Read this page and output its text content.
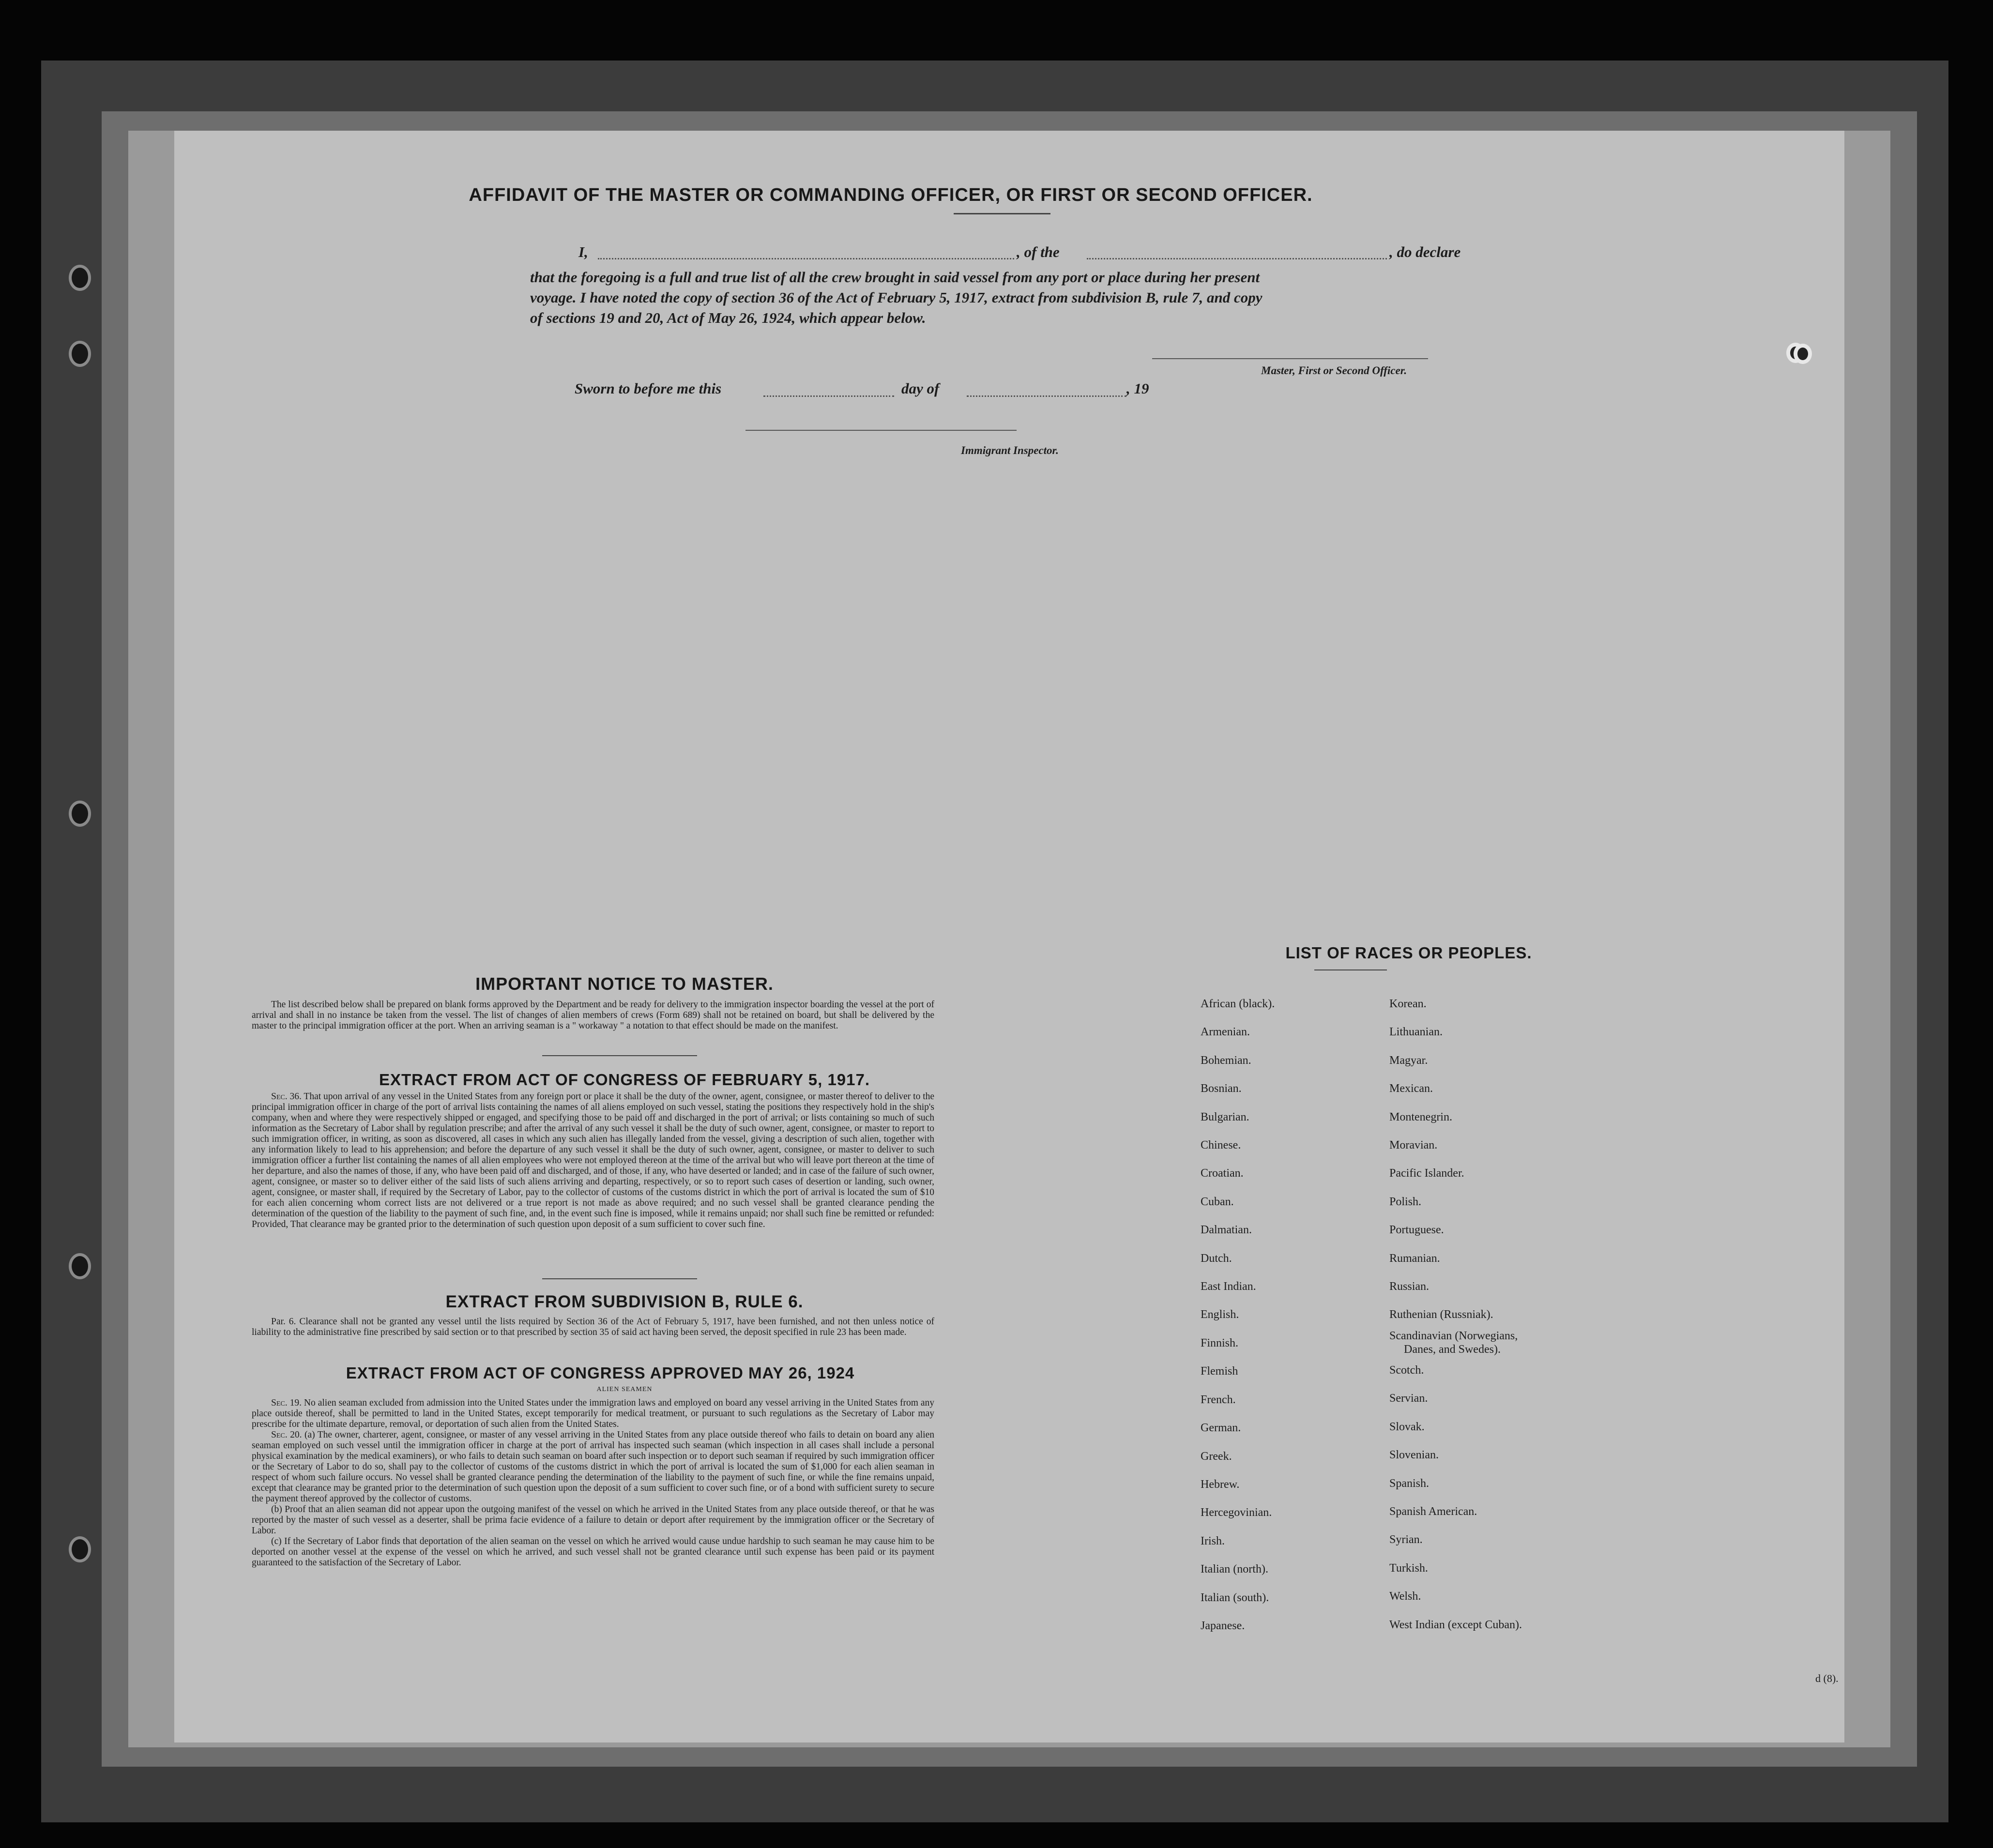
AFFIDAVIT OF THE MASTER OR COMMANDING OFFICER, OR FIRST OR SECOND OFFICER.
I,	, of the	, do declare
that the foregoing is a full and true list of all the crew brought in said vessel from any port or place during her present
voyage. I have noted the copy of section 36 of the Act of February 5, 1917, extract from subdivision B, rule 7, and copy
of sections 19 and 20, Act of May 26, 1924, which appear below.
Master, First or Second Officer.
Sworn to before me this	day of	, 19
Immigrant Inspector.
IMPORTANT NOTICE TO MASTER.

The list described below shall be prepared on blank forms approved by the Department and be ready for delivery to the immigration inspector boarding the vessel at the port of arrival and shall in no instance be taken from the vessel. The list of changes of alien members of crews (Form 689) shall not be retained on board, but shall be delivered by the master to the principal immigration officer at the port. When an arriving seaman is a " workaway " a notation to that effect should be made on the manifest.

EXTRACT FROM ACT OF CONGRESS OF FEBRUARY 5, 1917.

Sec. 36. That upon arrival of any vessel in the United States from any foreign port or place it shall be the duty of the owner, agent, consignee, or master thereof to deliver to the principal immigration officer in charge of the port of arrival lists containing the names of all aliens employed on such vessel, stating the positions they respectively hold in the ship's company, when and where they were respectively shipped or engaged, and specifying those to be paid off and discharged in the port of arrival; or lists containing so much of such information as the Secretary of Labor shall by regulation prescribe; and after the arrival of any such vessel it shall be the duty of such owner, agent, consignee, or master to report to such immigration officer, in writing, as soon as discovered, all cases in which any such alien has illegally landed from the vessel, giving a description of such alien, together with any information likely to lead to his apprehension; and before the departure of any such vessel it shall be the duty of such owner, agent, consignee, or master to deliver to such immigration officer a further list containing the names of all alien employees who were not employed thereon at the time of the arrival but who will leave port thereon at the time of her departure, and also the names of those, if any, who have been paid off and discharged, and of those, if any, who have deserted or landed; and in case of the failure of such owner, agent, consignee, or master so to deliver either of the said lists of such aliens arriving and departing, respectively, or so to report such cases of desertion or landing, such owner, agent, consignee, or master shall, if required by the Secretary of Labor, pay to the collector of customs of the customs district in which the port of arrival is located the sum of $10 for each alien concerning whom correct lists are not delivered or a true report is not made as above required; and no such vessel shall be granted clearance pending the determination of the question of the liability to the payment of such fine, and, in the event such fine is imposed, while it remains unpaid; nor shall such fine be remitted or refunded: Provided, That clearance may be granted prior to the determination of such question upon deposit of a sum sufficient to cover such fine.

EXTRACT FROM SUBDIVISION B, RULE 6.

Par. 6. Clearance shall not be granted any vessel until the lists required by Section 36 of the Act of February 5, 1917, have been furnished, and not then unless notice of liability to the administrative fine prescribed by said section or to that prescribed by section 35 of said act having been served, the deposit specified in rule 23 has been made.

EXTRACT FROM ACT OF CONGRESS APPROVED MAY 26, 1924
ALIEN SEAMEN

Sec. 19. No alien seaman excluded from admission into the United States under the immigration laws and employed on board any vessel arriving in the United States from any place outside thereof, shall be permitted to land in the United States, except temporarily for medical treatment, or pursuant to such regulations as the Secretary of Labor may prescribe for the ultimate departure, removal, or deportation of such alien from the United States.

Sec. 20. (a) The owner, charterer, agent, consignee, or master of any vessel arriving in the United States from any place outside thereof who fails to detain on board any alien seaman employed on such vessel until the immigration officer in charge at the port of arrival has inspected such seaman (which inspection in all cases shall include a personal physical examination by the medical examiners), or who fails to detain such seaman on board after such inspection or to deport such seaman if required by such immigration officer or the Secretary of Labor to do so, shall pay to the collector of customs of the customs district in which the port of arrival is located the sum of $1,000 for each alien seaman in respect of whom such failure occurs. No vessel shall be granted clearance pending the determination of the liability to the payment of such fine, or while the fine remains unpaid, except that clearance may be granted prior to the determination of such question upon the deposit of a sum sufficient to cover such fine, or of a bond with sufficient surety to secure the payment thereof approved by the collector of customs.

(b) Proof that an alien seaman did not appear upon the outgoing manifest of the vessel on which he arrived in the United States from any place outside thereof, or that he was reported by the master of such vessel as a deserter, shall be prima facie evidence of a failure to detain or deport after requirement by the immigration officer or the Secretary of Labor.

(c) If the Secretary of Labor finds that deportation of the alien seaman on the vessel on which he arrived would cause undue hardship to such seaman he may cause him to be deported on another vessel at the expense of the vessel on which he arrived, and such vessel shall not be granted clearance until such expense has been paid or its payment guaranteed to the satisfaction of the Secretary of Labor.

LIST OF RACES OR PEOPLES.
African (black).
Armenian.
Bohemian.
Bosnian.
Bulgarian.
Chinese.
Croatian.
Cuban.
Dalmatian.
Dutch.
East Indian.
English.
Finnish.
Flemish
French.
German.
Greek.
Hebrew.
Hercegovinian.
Irish.
Italian (north).
Italian (south).
Japanese.
Korean.
Lithuanian.
Magyar.
Mexican.
Montenegrin.
Moravian.
Pacific Islander.
Polish.
Portuguese.
Rumanian.
Russian.
Ruthenian (Russniak).
Scandinavian (Norwegians,
Danes, and Swedes).
Scotch.
Servian.
Slovak.
Slovenian.
Spanish.
Spanish American.
Syrian.
Turkish.
Welsh.
West Indian (except Cuban).
d (8).
